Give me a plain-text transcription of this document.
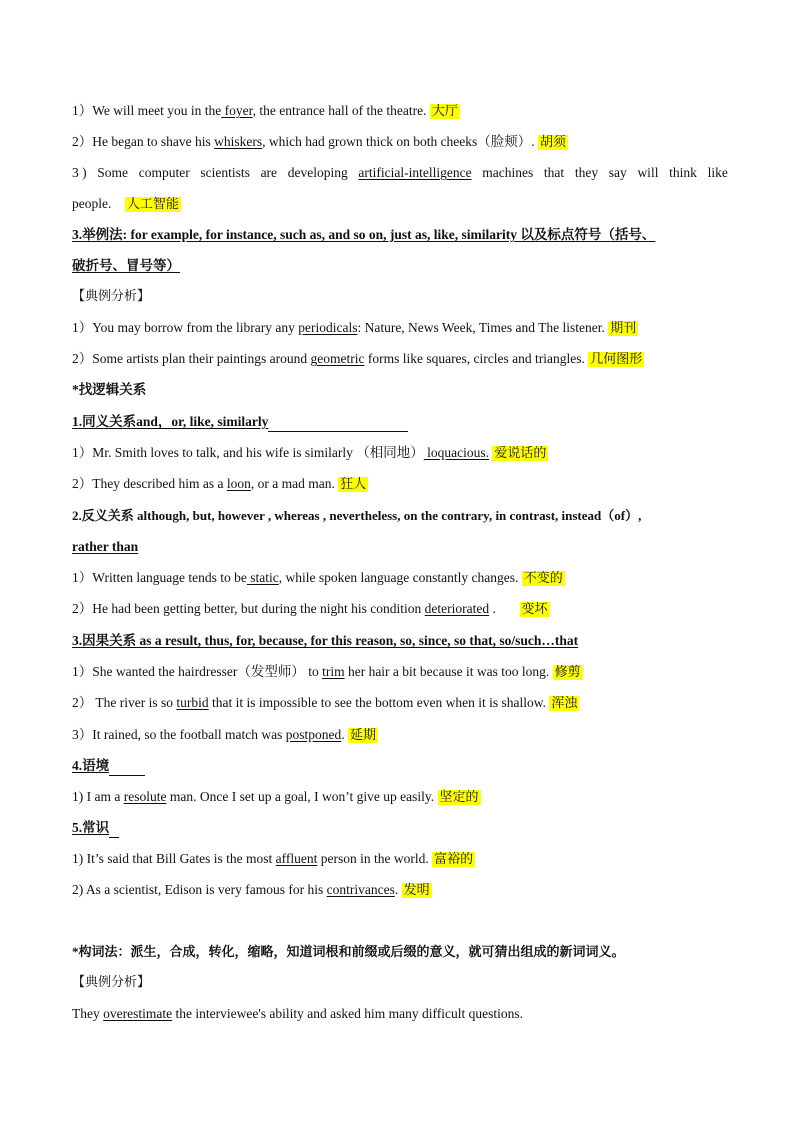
1）We will meet you in the foyer, the entrance hall of the theatre. 大厅
2）He began to shave his whiskers, which had grown thick on both cheeks（脸颊）. 胡须
3 ) Some computer scientists are developing artificial-intelligence machines that they say will think like
people. 人工智能
3.举例法: for example, for instance, such as, and so on, just as, like, similarity 以及标点符号（括号、
破折号、冒号等）
【典例分析】
1）You may borrow from the library any periodicals: Nature, News Week, Times and The listener. 期刊
2）Some artists plan their paintings around geometric forms like squares, circles and triangles. 几何图形
*找逻辑关系
1.同义关系and，or, like, similarly
1）Mr. Smith loves to talk, and his wife is similarly （相同地） loquacious. 爱说话的
2）They described him as a loon, or a mad man. 狂人
2.反义关系 although, but, however , whereas , nevertheless, on the contrary, in contrast, instead（of）,
rather than
1）Written language tends to be static, while spoken language constantly changes. 不变的
2）He had been getting better, but during the night his condition deteriorated . 变坏
3.因果关系 as a result, thus, for, because, for this reason, so, since, so that, so/such…that
1）She wanted the hairdresser（发型师） to trim her hair a bit because it was too long. 修剪
2） The river is so turbid that it is impossible to see the bottom even when it is shallow. 浑浊
3）It rained, so the football match was postponed. 延期
4.语境
1) I am a resolute man. Once I set up a goal, I won’t give up easily. 坚定的
5.常识
1) It’s said that Bill Gates is the most affluent person in the world. 富裕的
2) As a scientist, Edison is very famous for his contrivances. 发明
*构词法：派生，合成，转化，缩略，知道词根和前缀或后缀的意义，就可猜出组成的新词词义。
【典例分析】
They overestimate the interviewee's ability and asked him many difficult questions.
